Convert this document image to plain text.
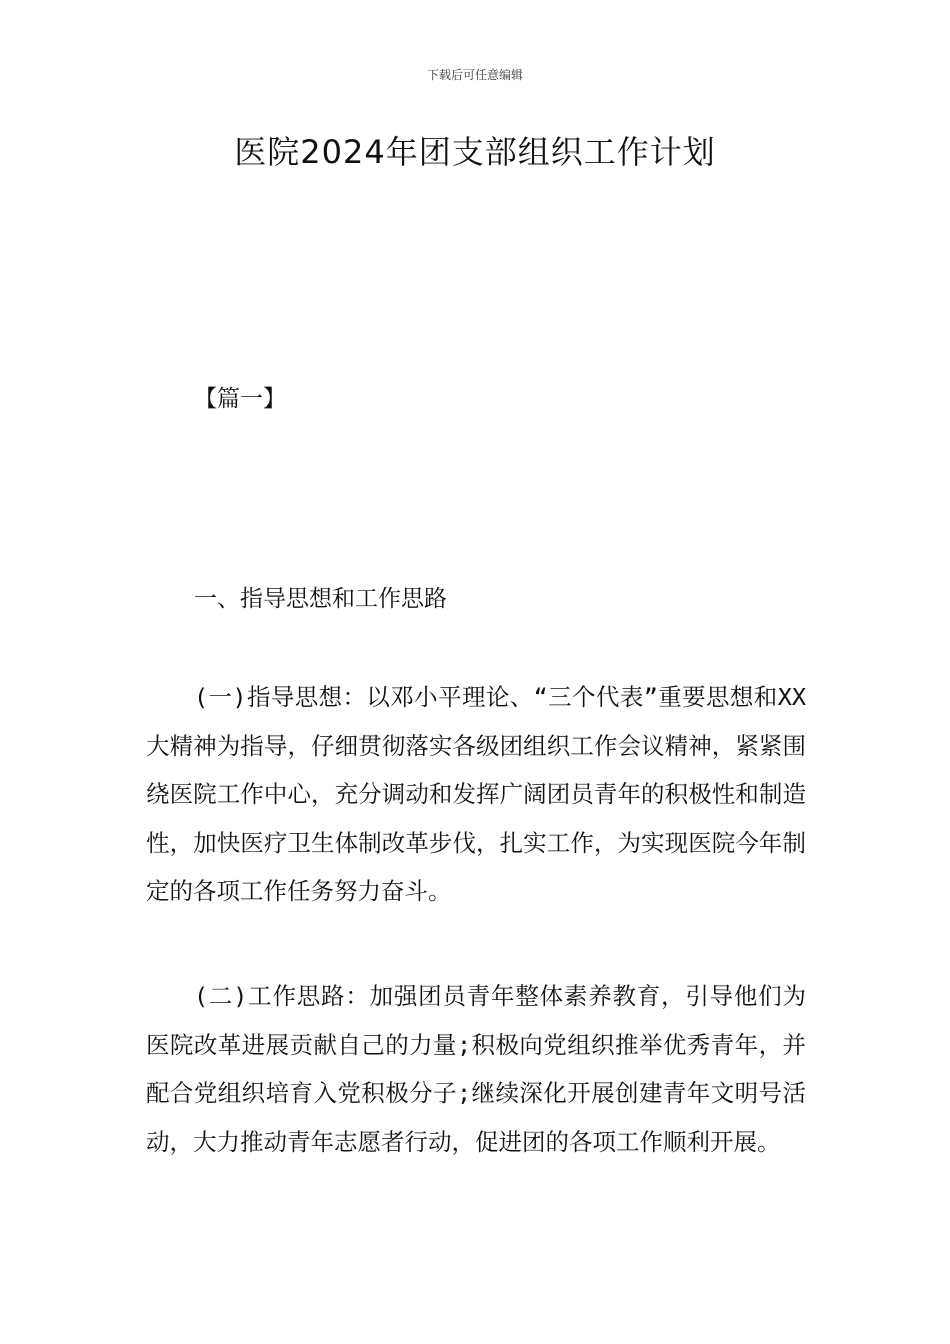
下载后可任意编辑
医院2024年团支部组织工作计划
【篇一】
一、指导思想和工作思路

(一)指导思想：以邓小平理论、“三个代表”重要思想和XX大精神为指导，仔细贯彻落实各级团组织工作会议精神，紧紧围绕医院工作中心，充分调动和发挥广阔团员青年的积极性和制造性，加快医疗卫生体制改革步伐，扎实工作，为实现医院今年制定的各项工作任务努力奋斗。

(二)工作思路：加强团员青年整体素养教育，引导他们为医院改革进展贡献自己的力量;积极向党组织推举优秀青年，并配合党组织培育入党积极分子;继续深化开展创建青年文明号活动，大力推动青年志愿者行动，促进团的各项工作顺利开展。
